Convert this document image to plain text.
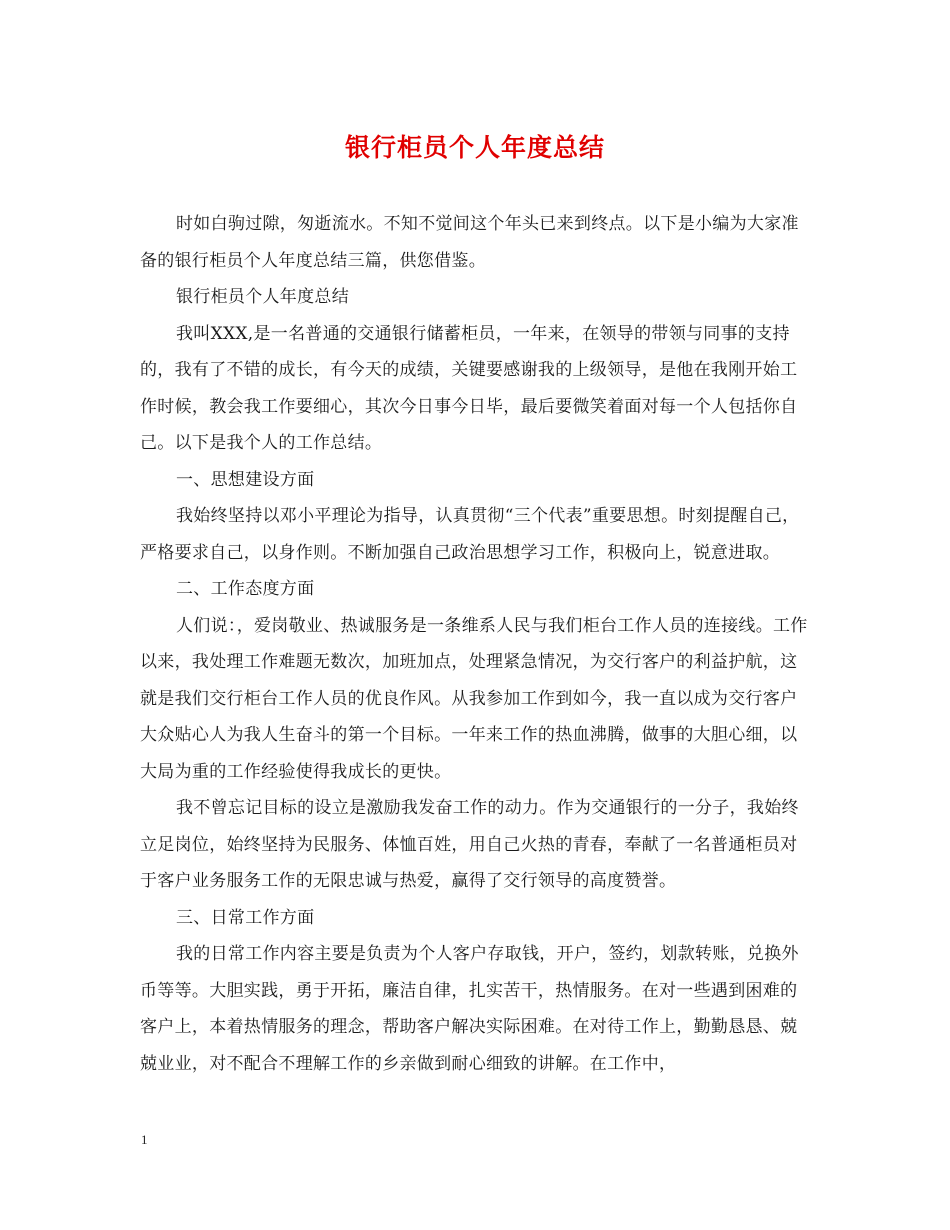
银行柜员个人年度总结

时如白驹过隙，匆逝流水。不知不觉间这个年头已来到终点。以下是小编为大家准备的银行柜员个人年度总结三篇，供您借鉴。

银行柜员个人年度总结

我叫XXX,是一名普通的交通银行储蓄柜员，一年来，在领导的带领与同事的支持的，我有了不错的成长，有今天的成绩，关键要感谢我的上级领导，是他在我刚开始工作时候，教会我工作要细心，其次今日事今日毕，最后要微笑着面对每一个人包括你自己。以下是我个人的工作总结。

一、思想建设方面

我始终坚持以邓小平理论为指导，认真贯彻“三个代表”重要思想。时刻提醒自己，严格要求自己，以身作则。不断加强自己政治思想学习工作，积极向上，锐意进取。

二、工作态度方面

人们说：，爱岗敬业、热诚服务是一条维系人民与我们柜台工作人员的连接线。工作以来，我处理工作难题无数次，加班加点，处理紧急情况，为交行客户的利益护航，这就是我们交行柜台工作人员的优良作风。从我参加工作到如今，我一直以成为交行客户大众贴心人为我人生奋斗的第一个目标。一年来工作的热血沸腾，做事的大胆心细，以大局为重的工作经验使得我成长的更快。

我不曾忘记目标的设立是激励我发奋工作的动力。作为交通银行的一分子，我始终立足岗位，始终坚持为民服务、体恤百姓，用自己火热的青春，奉献了一名普通柜员对于客户业务服务工作的无限忠诚与热爱，赢得了交行领导的高度赞誉。

三、日常工作方面

我的日常工作内容主要是负责为个人客户存取钱，开户，签约，划款转账，兑换外币等等。大胆实践，勇于开拓，廉洁自律，扎实苦干，热情服务。在对一些遇到困难的客户上，本着热情服务的理念，帮助客户解决实际困难。在对待工作上，勤勤恳恳、兢兢业业，对不配合不理解工作的乡亲做到耐心细致的讲解。在工作中，

1
